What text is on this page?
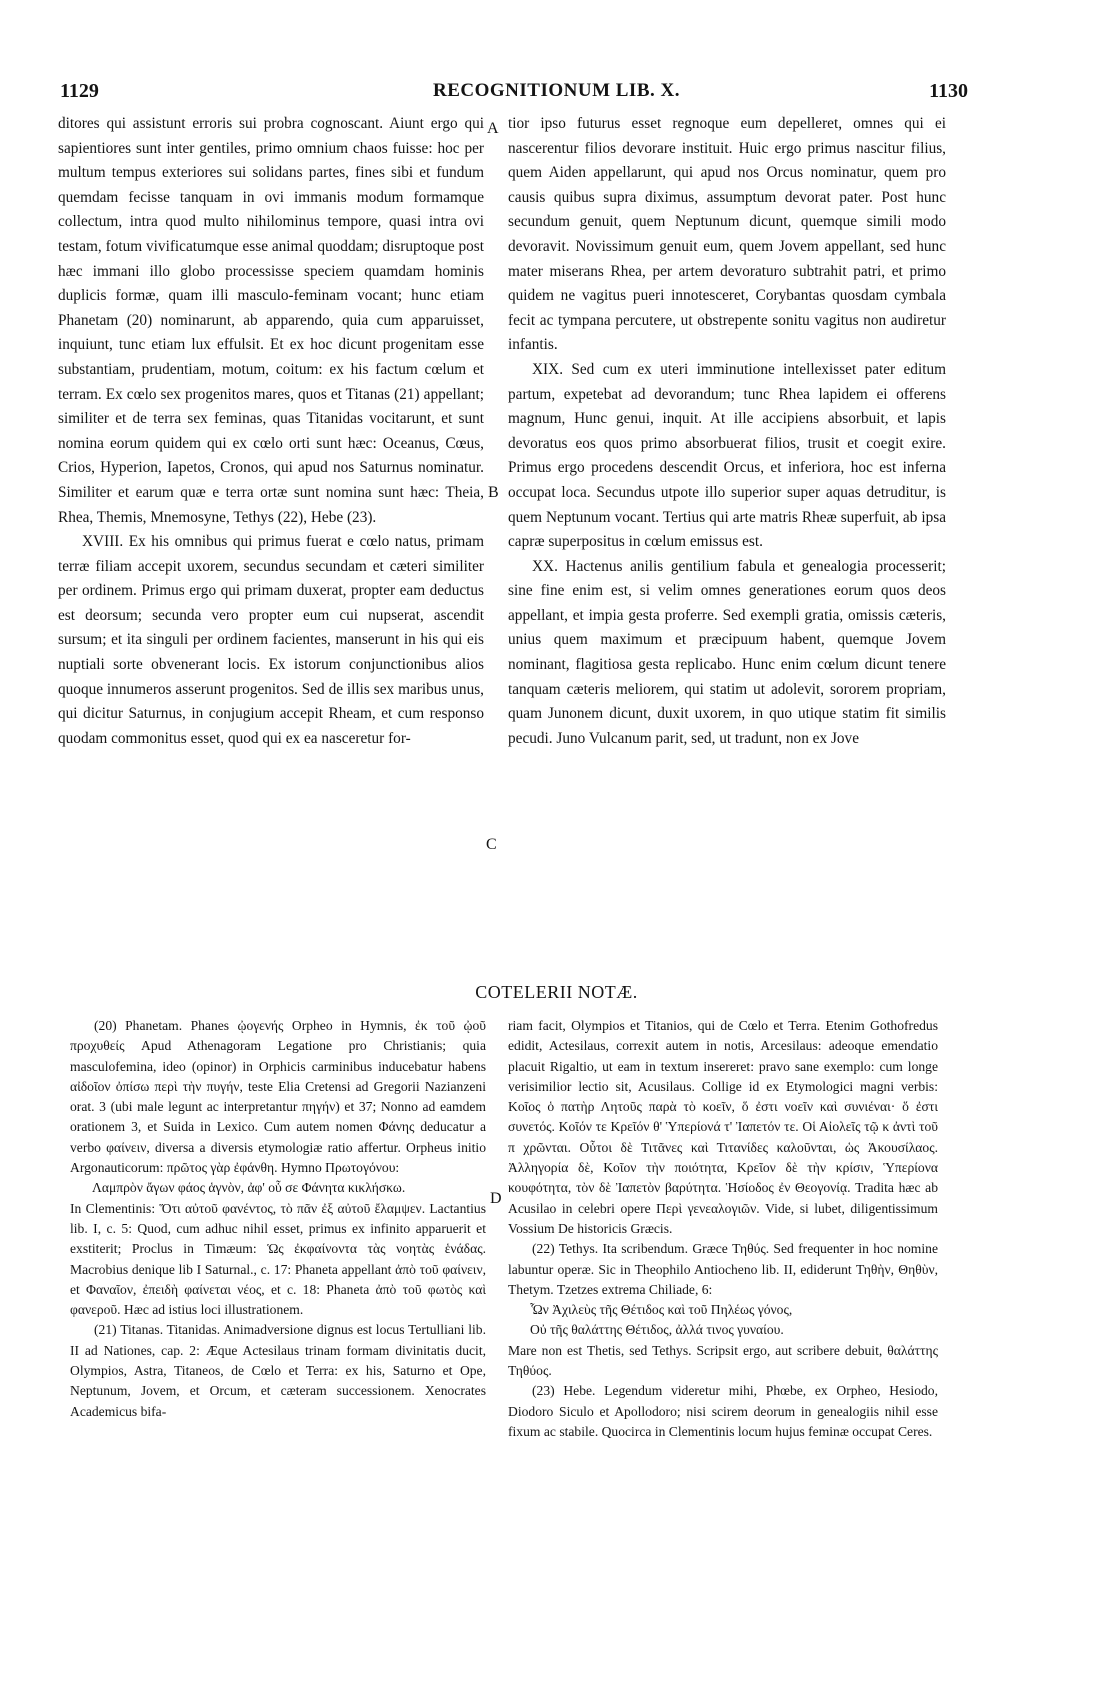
1129	RECOGNITIONUM LIB. X.	1130
A
B
C
D

ditores qui assistunt erroris sui probra cognoscant. Aiunt ergo qui sapientiores sunt inter gentiles, primo omnium chaos fuisse: hoc per multum tempus exteriores sui solidans partes, fines sibi et fundum quemdam fecisse tanquam in ovi immanis modum formamque collectum, intra quod multo nihilominus tempore, quasi intra ovi testam, fotum vivificatumque esse animal quoddam; disruptoque post hæc immani illo globo processisse speciem quamdam hominis duplicis formæ, quam illi masculo-feminam vocant; hunc etiam Phanetam (20) nominarunt, ab apparendo, quia cum apparuisset, inquiunt, tunc etiam lux effulsit. Et ex hoc dicunt progenitam esse substantiam, prudentiam, motum, coitum: ex his factum cœlum et terram. Ex cœlo sex progenitos mares, quos et Titanas (21) appellant; similiter et de terra sex feminas, quas Titanidas vocitarunt, et sunt nomina eorum quidem qui ex cœlo orti sunt hæc: Oceanus, Cœus, Crios, Hyperion, Iapetos, Cronos, qui apud nos Saturnus nominatur. Similiter et earum quæ e terra ortæ sunt nomina sunt hæc: Theia, Rhea, Themis, Mnemosyne, Tethys (22), Hebe (23).

XVIII. Ex his omnibus qui primus fuerat e cœlo natus, primam terræ filiam accepit uxorem, secundus secundam et cæteri similiter per ordinem. Primus ergo qui primam duxerat, propter eam deductus est deorsum; secunda vero propter eum cui nupserat, ascendit sursum; et ita singuli per ordinem facientes, manserunt in his qui eis nuptiali sorte obvenerant locis. Ex istorum conjunctionibus alios quoque innumeros asserunt progenitos. Sed de illis sex maribus unus, qui dicitur Saturnus, in conjugium accepit Rheam, et cum responso quodam commonitus esset, quod qui ex ea nasceretur for-

tior ipso futurus esset regnoque eum depelleret, omnes qui ei nascerentur filios devorare instituit. Huic ergo primus nascitur filius, quem Aiden appellarunt, qui apud nos Orcus nominatur, quem pro causis quibus supra diximus, assumptum devorat pater. Post hunc secundum genuit, quem Neptunum dicunt, quemque simili modo devoravit. Novissimum genuit eum, quem Jovem appellant, sed hunc mater miserans Rhea, per artem devoraturo subtrahit patri, et primo quidem ne vagitus pueri innotesceret, Corybantas quosdam cymbala fecit ac tympana percutere, ut obstrepente sonitu vagitus non audiretur infantis.

XIX. Sed cum ex uteri imminutione intellexisset pater editum partum, expetebat ad devorandum; tunc Rhea lapidem ei offerens magnum, Hunc genui, inquit. At ille accipiens absorbuit, et lapis devoratus eos quos primo absorbuerat filios, trusit et coegit exire. Primus ergo procedens descendit Orcus, et inferiora, hoc est inferna occupat loca. Secundus utpote illo superior super aquas detruditur, is quem Neptunum vocant. Tertius qui arte matris Rheæ superfuit, ab ipsa capræ superpositus in cœlum emissus est.

XX. Hactenus anilis gentilium fabula et genealogia processerit; sine fine enim est, si velim omnes generationes eorum quos deos appellant, et impia gesta proferre. Sed exempli gratia, omissis cæteris, unius quem maximum et præcipuum habent, quemque Jovem nominant, flagitiosa gesta replicabo. Hunc enim cœlum dicunt tenere tanquam cæteris meliorem, qui statim ut adolevit, sororem propriam, quam Junonem dicunt, duxit uxorem, in quo utique statim fit similis pecudi. Juno Vulcanum parit, sed, ut tradunt, non ex Jove

COTELERII NOTÆ.

(20) Phanetam. Phanes ᾠογενής Orpheo in Hymnis, ἐκ τοῦ ᾠοῦ προχυθείς Apud Athenagoram Legatione pro Christianis; quia masculofemina, ideo (opinor) in Orphicis carminibus inducebatur habens αἰδοῖον ὀπίσω περὶ τὴν πυγήν, teste Elia Cretensi ad Gregorii Nazianzeni orat. 3 (ubi male legunt ac interpretantur πηγήν) et 37; Nonno ad eamdem orationem 3, et Suida in Lexico. Cum autem nomen Φάνης deducatur a verbo φαίνειν, diversa a diversis etymologiæ ratio affertur. Orpheus initio Argonauticorum: πρῶτος γὰρ ἐφάνθη. Hymno Πρωτογόνου:

Λαμπρὸν ἄγων φάος ἁγνὸν, ἀφ' οὗ σε Φάνητα κικλήσκω.

In Clementinis: Ὅτι αὐτοῦ φανέντος, τὸ πᾶν ἐξ αὐτοῦ ἔλαμψεν. Lactantius lib. I, c. 5: Quod, cum adhuc nihil esset, primus ex infinito apparuerit et exstiterit; Proclus in Timæum: Ὡς ἐκφαίνοντα τὰς νοητὰς ἑνάδας. Macrobius denique lib I Saturnal., c. 17: Phaneta appellant ἀπὸ τοῦ φαίνειν, et Φαναῖον, ἐπειδὴ φαίνεται νέος, et c. 18: Phaneta ἀπὸ τοῦ φωτὸς καὶ φανεροῦ. Hæc ad istius loci illustrationem.

(21) Titanas. Titanidas. Animadversione dignus est locus Tertulliani lib. II ad Nationes, cap. 2: Æque Actesilaus trinam formam divinitatis ducit, Olympios, Astra, Titaneos, de Cœlo et Terra: ex his, Saturno et Ope, Neptunum, Jovem, et Orcum, et cæteram successionem. Xenocrates Academicus bifa-

riam facit, Olympios et Titanios, qui de Cœlo et Terra. Etenim Gothofredus edidit, Actesilaus, correxit autem in notis, Arcesilaus: adeoque emendatio placuit Rigaltio, ut eam in textum insereret: pravo sane exemplo: cum longe verisimilior lectio sit, Acusilaus. Collige id ex Etymologici magni verbis: Κοῖος ὁ πατὴρ Λητοῦς παρὰ τὸ κοεῖν, ὅ ἐστι νοεῖν καὶ συνιέναι· ὅ ἐστι συνετός. Κοῖόν τε Κρεῖόν θ' Ὑπερίονά τ' Ἰαπετόν τε. Οἱ Αἰολεῖς τῷ κ ἀντὶ τοῦ π χρῶνται. Οὗτοι δὲ Τιτᾶνες καὶ Τιτανίδες καλοῦνται, ὡς Ἀκουσίλαος. Ἀλληγορία δὲ, Κοῖον τὴν ποιότητα, Κρεῖον δὲ τὴν κρίσιν, Ὑπερίονα κουφότητα, τὸν δὲ Ἰαπετὸν βαρύτητα. Ἡσίοδος ἐν Θεογονίᾳ. Tradita hæc ab Acusilao in celebri opere Περὶ γενεαλογιῶν. Vide, si lubet, diligentissimum Vossium De historicis Græcis.

(22) Tethys. Ita scribendum. Græce Τηθύς. Sed frequenter in hoc nomine labuntur operæ. Sic in Theophilo Antiocheno lib. II, ediderunt Τηθὴν, Θηθὺν, Thetym. Tzetzes extrema Chiliade, 6:

Ὧν Ἀχιλεὺς τῆς Θέτιδος καὶ τοῦ Πηλέως γόνος,

Οὐ τῆς θαλάττης Θέτιδος, ἀλλά τινος γυναίου.

Mare non est Thetis, sed Tethys. Scripsit ergo, aut scribere debuit, θαλάττης Τηθύος.

(23) Hebe. Legendum videretur mihi, Phœbe, ex Orpheo, Hesiodo, Diodoro Siculo et Apollodoro; nisi scirem deorum in genealogiis nihil esse fixum ac stabile. Quocirca in Clementinis locum hujus feminæ occupat Ceres.
